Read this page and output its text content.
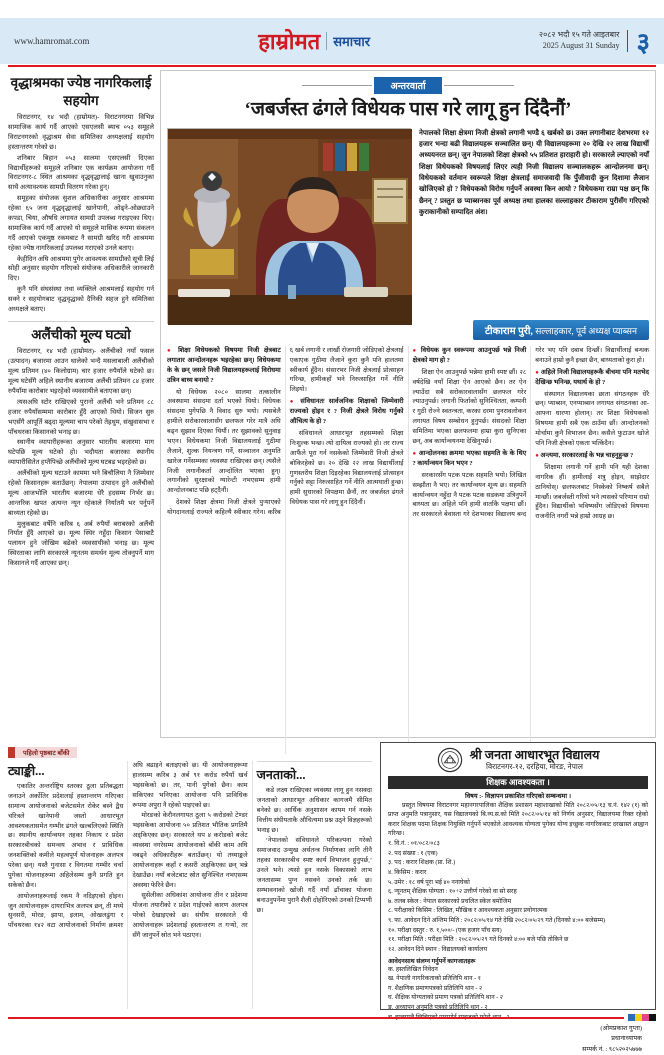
www.hamromat.com	हाम्रोमत समाचार	२०८२ भदौ १५ गते आइतबार
2025 August 31 Sunday ३
वृद्धाश्रमका ज्येष्ठ नागरिकलाई सहयोग

विराटनगर, १४ भदौ (हाम्रोमत)- विराटनगरमा विभिन्न सामाजिक कार्य गर्दै आएको एसएलसी ब्याच ०५३ समूहले विराटनगरको वृद्धाश्रम सेवा समितिका अध्यक्षलाई सहयोग हस्तान्तरण गरेको छ।

शनिबार बिहान ०५३ सालमा एसएलसी दिएका विद्यार्थीहरूको समूहले शनिबार एक कार्यक्रम आयोजना गर्दै विराटनगर-८ स्थित आश्रमका वृद्धवृद्धालाई खाना खुवाउनुका साथै अत्यावश्यक सामग्री वितरण गरेका हुन्।

समूहका संयोजक सुशल अधिकारीका अनुसार आश्रममा रहेका ६५ जना वृद्धवृद्धालाई खानेपानी, ओढ्ने-ओछ्याउने कपडा, चिया, औषधि लगायत सामग्री उपलब्ध गराइएका थिए। सामाजिक कार्य गर्दै आएको यो समूहले मासिक रूपमा संकलन गर्दै आएको एकमुष्ठ रकमबाट नै सामग्री खरिद गरी आश्रममा रहेका ज्येष्ठ नागरिकलाई उपलब्ध गराएको उनले बताए।

केहीदिन अघि आश्रममा पुगेर आवश्यक सामग्रीको सूची लिई सोही अनुसार सहयोग गरिएको संयोजक अधिकारीले जानकारी दिए।

कुनै पनि संघसंस्था तथा व्यक्तिले आश्रमलाई सहयोग गर्न सक्ने र सहयोगबाट वृद्धवृद्धाको दैनिकी सहज हुने समितिका अध्यक्षले बताए।

अलैंचीको मूल्य घट्यो

विराटनगर, १४ भदौ (हाम्रोमत)- अलैंचीको नयाँ फसल (उत्पादन) बजारमा आउन थालेको भन्दै मसलाबाली अलैंचीको मूल्य प्रतिमन (४० किलोग्राम) चार हजार रुपैयाँले घटेको छ। मूल्य घटेसँगै अहिले स्थानीय बजारमा अलैंची प्रतिमन ८४ हजार रुपैयाँमा कारोबार भइरहेको व्यवसायीले बताएका छन्।

त्यसअघि स्टोर राखिएको पुरानो अलैंची भने प्रतिमन ८८ हजार रुपैयाँसम्ममा कारोबार हुँदै आएको थियो। सिजन सुरु भएसँगै आपूर्ति बढ्दा मूल्यमा चाप परेको तेह्रथुम, संखुवासभा र पाँचथरका किसानको भनाइ छ।

स्थानीय व्यापारीहरूका अनुसार भारतीय बजारमा माग घटेपछि मूल्य घटेको हो। भदौयता बजारका स्थानीय व्यापारीसितेत हप्तैपिच्छे अलैंचीको मूल्य घटबढ भइरहेको छ।

अलैंचीको मूल्य घटाउने काममा भने बिचौलिया नै जिम्मेवार रहेको किसानहरू बताउँछन्। नेपालमा उत्पादन हुने अलैंचीको मूल्य आजभोलि भारतीय बजारमा धेरै हदसम्म निर्भर छ। आन्तरिक खपत अत्यन्त न्यून रहेकाले निर्यातमै भर पर्नुपर्ने बाध्यता रहेको छ।

मुलुकबाट वर्षेनि करिब ६ अर्ब रुपैयाँ बराबरको अलैंची निर्यात हुँदै आएको छ। मूल्य स्थिर नहुँदा किसान पेसाबाटै पलायन हुने जोखिम बढेको व्यवसायीको भनाइ छ। मूल्य स्थिरताका लागि सरकारले न्यूनतम समर्थन मूल्य तोक्नुपर्ने माग किसानले गर्दै आएका छन्।

अन्तरवार्ता
‘जबर्जस्त ढंगले विधेयक पास गरे लागू हुन दिंदैनौं’

नेपालको शिक्षा क्षेत्रमा निजी क्षेत्रको लगानी भण्डै ६ खर्बको छ। उक्त लगानीबाट देशभरमा १२ हजार भन्दा बढी विद्यालयहरू सञ्चालित छन्। यी विद्यालयहरूमा २० देखि २२ लाख विद्यार्थी अध्ययनरत छन्। जुन नेपालको शिक्षा क्षेत्रको ५५ प्रतिशत हाराहारी हो। सरकारले ल्याएको नयाँ शिक्षा विधेयकको विषयलाई लिएर त्यही निजी विद्यालय सञ्चालकहरू आन्दोलनमा छन्। विधेयकको वर्तमान स्वरूपले शिक्षा क्षेत्रलाई समाजवादी कि पुँजीवादी कुन दिशामा लैजान खोजिएको हो ? विधेयकको विरोध गर्नुपर्ने अवस्था किन आयो ? विधेयकमा राम्रा पक्ष छन् कि छैनन् ? प्रस्तुत छ प्याब्सनका पूर्व अध्यक्ष तथा हालका सल्लाहकार टीकाराम पुरीसँग गरिएको कुराकानीको सम्पादित अंश।

टीकाराम पुरी, सल्लाहकार, पूर्व अध्यक्ष प्याब्सन

● शिक्षा विधेयकको विषयमा निजी क्षेत्रबाट लगातार आन्दोलनहरू भइरहेका छन्। विधेयकमा के के छन् जसले निजी विद्यालयहरूलाई विरोधमा उत्रिन बाध्य बनायो ?

यो विधेयक २०८० सालमा तत्कालीन अवस्थामा संसदमा दर्ता भएको थियो। विधेयक संसदमा पुगेपछि नै विवाद सुरु भयो। त्यसबेलै हामीले सरोकारवालासँग छलफल गरेर मात्रै अघि बढ्न सुझाव दिएका थियौं। तर सुझावको सुनुवाइ भएन। विधेयकमा निजी विद्यालयलाई गुठीमा लैजाने, शुल्क नियन्त्रण गर्ने, सञ्चालन अनुमति खारेज गर्नेसम्मका व्यवस्था राखिएका छन्। त्यसैले निजी लगानीकर्ता आन्दोलित भएका हुन्। लगानीको सुरक्षाको ग्यारेन्टी नभएसम्म हामी आन्दोलनबाट पछि हट्दैनौं।

देशको शिक्षा क्षेत्रमा निजी क्षेत्रले पुर्‍याएको योगदानलाई राज्यले कहिल्यै स्वीकार गरेन। करिब ६ खर्ब लगानी र लाखौं रोजगारी जोडिएको क्षेत्रलाई एकाएक गुठीमा लैजाने कुरा कुनै पनि हालतमा स्वीकार्य हुँदैन। संसारभर निजी क्षेत्रलाई प्रोत्साहन गरिन्छ, हामीकहाँ भने निरुत्साहित गर्ने नीति लिइयो।

● संविधानतः सार्वजनिक शिक्षाको जिम्मेवारी राज्यको होइन र ? निजी क्षेत्रले विरोध गर्नुको औचित्य के हो ?

संविधानले आधारभूत तहसम्मको शिक्षा निःशुल्क भन्छ। त्यो दायित्व राज्यको हो। तर राज्य आफैंले पूरा गर्न नसकेको जिम्मेवारी निजी क्षेत्रले बोकिरहेको छ। २० देखि २२ लाख विद्यार्थीलाई गुणस्तरीय शिक्षा दिइरहेका विद्यालयलाई प्रोत्साहन गर्नुको सट्टा निरुत्साहित गर्ने नीति आत्मघाती हुन्छ। हामी सुधारको विपक्षमा छैनौं, तर जबर्जस्त ढंगले विधेयक पास गरे लागू हुन दिंदैनौं।

● विधेयक कुन स्वरूपमा आउनुपर्छ भन्ने निजी क्षेत्रको माग हो ?

शिक्षा ऐन आउनुपर्छ भन्नेमा हामी स्पष्ट छौं। २८ वर्षदेखि नयाँ शिक्षा ऐन आएको छैन। तर ऐन ल्याउँदा सबै सरोकारवालासँग छलफल गरेर ल्याउनुपर्छ। लगानी फिर्ताको सुनिश्चितता, कम्पनी र गुठी रोज्ने स्वतन्त्रता, करका दरमा पुनरावलोकन लगायत विषय सम्बोधन हुनुपर्छ। संसदको शिक्षा समितिमा भएका छलफलमा हाम्रा कुरा सुनिएका छन्, अब कार्यान्वयनमा देखिनुपर्छ।

● आन्दोलनका क्रममा भएका सहमति के के थिए ? कार्यान्वयन किन भएन ?

सरकारसँग पटक पटक सहमति भयो। लिखित सम्झौता नै भए। तर कार्यान्वयन शून्य छ। सहमति कार्यान्वयन नहुँदा नै पटक पटक सडकमा उत्रिनुपर्ने बाध्यता छ। अहिले पनि हामी वार्ताकै पक्षमा छौं। तर सरकारले बेवास्ता गरे देशभरका विद्यालय बन्द गरेर भए पनि दबाब दिन्छौं। विद्यार्थीलाई बन्धक बनाउने हाम्रो कुनै इच्छा छैन, बाध्यताको कुरा हो।

● अहिले निजी विद्यालयहरूकै बीचमा पनि मतभेद देखिन्छ भनिन्छ, यथार्थ के हो ?

संस्थागत विद्यालयका छाता संगठनहरू धेरै छन्। प्याब्सन, एनप्याब्सन लगायत संगठनका आ-आफ्ना धारणा होलान्। तर शिक्षा विधेयकको विषयमा हामी सबै एक ठाउँमा छौं। आन्दोलनको मोर्चामा कुनै विभाजन छैन। कसैले फुटाउन खोजे पनि निजी क्षेत्रको एकता भत्किंदैन।

● अन्त्यमा, सरकारलाई के भन्न चाहनुहुन्छ ?

शिक्षामा लगानी गर्ने हामी पनि यही देशका नागरिक हौं। हामीलाई शत्रु होइन, साझेदार ठानियोस्। छलफलबाट निस्केको निष्कर्ष सबैले मान्छौं। जबर्जस्ती गरियो भने त्यसको परिणाम राम्रो हुँदैन। विद्यार्थीको भविष्यसँग जोडिएको विषयमा राजनीति नगरौं भन्ने हाम्रो आग्रह छ।

पहिलो पृष्ठबाट बाँकी
ट्याङ्की...

एकातिर अन्तर्राष्ट्रिय स्तरका ठूला प्रतिबद्धता जनाउने अर्कोतिर प्रदेशलाई हस्तान्तरण गरिएका सामान्य आयोजनाको बजेटसमेत रोकेर बस्ने द्वैध चरित्रले खानेपानी जस्तो आधारभूत आवश्यकतासमेत गम्भीर ढंगले खल्बलिएको स्थिति छ। स्थानीय कार्यान्वयन तहका निकाय र प्रदेश सरकारबीचको समन्वय अभाव र प्राविधिक जनशक्तिको कमीले महत्वपूर्ण योजनाहरू अलपत्र परेका छन्। यस्तै गुनासा र विगतमा गम्भीर चर्चा पुगेका योजनाहरूमा अहिलेसम्म कुनै प्रगति हुन सकेको छैन।

आयोजनाहरूलाई रकम नै नदिइएको होइन। जुन आयोजनाहरू दायराभित्र अलपत्र छन्, ती मध्ये सुनसरी, मोरङ, झापा, इलाम, ओखलढुंगा र पाँचथरका १४२ वटा आयोजनाको निर्माण क्रमशः अघि बढाइने बताइएको छ। यी आयोजनाहरूमा हालसम्म करिब ३ अर्ब ९१ करोड रुपैयाँ खर्च भइसकेको छ। तर, पानी पुगेको छैन। काम सकिएका भनिएका आयोजना पनि प्राविधिक रूपमा अपुरा नै रहेको पाइएको छ।

मोरङको केरौनलगायत ठूला ५ करोडको टेण्डर भइसकेका आयोजना ५० प्रतिशत भौतिक प्रगतिमै अड्किएका छन्। सरकारले थप ४ करोडको बजेट व्यवस्था नगरेसम्म आयोजनाको बाँकी काम अघि नबढ्ने अधिकारीहरू बताउँछन्। यो तथ्याङ्कले आयोजनाहरू कहाँ र कसरी अड्किएका छन् भन्ने देखाउँछ। नयाँ बजेटबाट स्रोत सुनिश्चित नभएसम्म अवस्था फेरिने छैन।

सुसेलीका अधिकांश आयोजना तीन र प्रदेशमा योजना तयारीको र प्रदेश गाईएको कारण अलपत्र परेको देखाइएको छ। संघीय सरकारले यी आयोजनाहरू प्रदेशलाई हस्तान्तरण त गऱ्यो, तर सँगै जानुपर्ने स्रोत भने पठाएन।

जनताको...

कडे लक्ष्य राखिएका व्यवस्था लागू हुन नसक्दा जनताको आधारभूत अधिकार कागजमै सीमित बनेको छ। आर्थिक अनुशासन कायम गर्न नसके वित्तीय संघीयताकै औचित्यमा प्रश्न उठ्ने विज्ञहरूको भनाइ छ।

‘नेपालको संविधानले परिकल्पना गरेको समाजवाद उन्मुख अर्थतन्त्र निर्माणका लागि तीनै तहका सरकारबीच स्पष्ट कार्य विभाजन हुनुपर्छ,’ उनले भने। त्यसो हुन नसके विकासको लाभ जनतासम्म पुग्न नसक्ने उनको तर्क छ। सम्भावनाको खोजी गर्दै नयाँ ढाँचाका योजना बनाउनुपर्नेमा पुरानै शैली दोहोरिएको उनको टिप्पणी छ।

श्री जनता आधारभूत विद्यालय
विराटनगर-१२, दरहिया, मोरङ, नेपाल
शिक्षक आवश्यकता ।
विषय :- विज्ञापन प्रकाशित गरिएको सम्बन्धमा ।

प्रस्तुत विषयमा विराटनगर महानगरपालिका शैक्षिक प्रशासन महाशाखाको मिति २०८२/०५/१३ च.नं. १४२ (१) को प्राप्त अनुमति पत्रानुसार, यस विद्यालयको बि.व्य.स.को मिति २०८२/०५/१४ को निर्णय अनुसार, विद्यालयमा रिक्त रहेको करार शिक्षक पदमा शिक्षक नियुक्ति गर्नुपर्ने भएकोले आवश्यक योग्यता पुगेका योग्य इच्छुक नागरिकबाट दरखास्त आह्वान गरिन्छ।

१. वि.नं. : ०१/०८२/०८३
२. पद संख्या : १ (एक)
३. पद : करार शिक्षक (प्रा. शि.)
४. किसिम : करार
५. उमेर : १८ वर्ष पूरा भई ४० ननाघेको
६. न्यूनतम् शैक्षिक योग्यता : १०+२ उत्तीर्ण गरेको वा सो सरह
७. तलब स्केल : नेपाल सरकारको प्रचलित स्केल बमोजिम
८. परीक्षाको किसिम : लिखित, मौखिक र आवश्यकता अनुसार प्रयोगात्मक
९. फा. आवेदन दिने अन्तिम मिति : २०८२/०५/१४ गते देखि २०८२/०५/२९ गते (दिनको ४:०० बजेसम्म)
१०. परीक्षा दस्तुर : रु. १,५००/- (एक हजार पाँच सय)
११. परीक्षा मिति : परीक्षा मिति : २०८२/०५/२९ गते दिनको ४:०० बजे पछि तोकिने छ
१२. आवेदन दिने स्थान : विद्यालयको कार्यालय
आवेदनसाथ संलग्न गर्नुपर्ने कागजातहरू
क. हस्तलिखित निवेदन
ख. नेपाली नागरिकताको प्रतिलिपि थान - १
ग. शैक्षणिक प्रमाणपत्रको प्रतिलिपि थान - २
घ. शैक्षिक योग्यताको प्रमाण पत्रको प्रतिलिपि थान - २
ङ. अध्यापन अनुमति पत्रको प्रतिलिपि थान - २
च. हालसालै खिचिएको पासपोर्ट साइजको फोटो थान - २
(ओमप्रकाश गुप्ता)
प्रधानाध्यापक
सम्पर्क नं. : ९८५२०२५७७७
